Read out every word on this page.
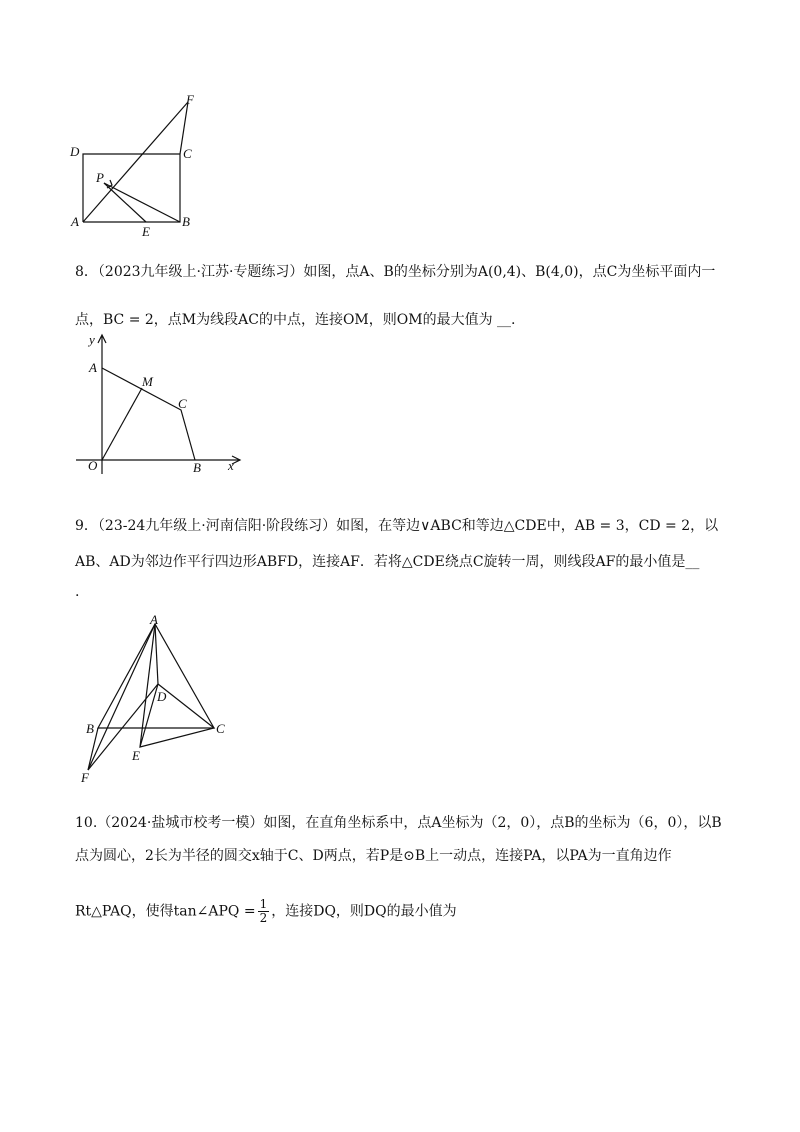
F
D	C
P
A
E
B
8．（2023九年级上·江苏·专题练习）如图，点A、B的坐标分别为A(0,4)、B(4,0)，点C为坐标平面内一
点，BC = 2，点M为线段AC的中点，连接OM，则OM的最大值为 __.
y
A
M
C
O	B x
9．（23-24九年级上·河南信阳·阶段练习）如图，在等边∨ABC和等边△CDE中，AB = 3，CD = 2，以
AB、AD为邻边作平行四边形ABFD，连接AF．若将△CDE绕点C旋转一周，则线段AF的最小值是__
.
A
D
B	C
E
F
10.（2024·盐城市校考一模）如图，在直角坐标系中，点A坐标为（2，0），点B的坐标为（6，0），以B
点为圆心，2长为半径的圆交x轴于C、D两点，若P是⊙B上一动点，连接PA，以PA为一直角边作
Rt△PAQ，使得tan∠APQ = $\frac{1}{2}$ ，连接DQ，则DQ的最小值为
